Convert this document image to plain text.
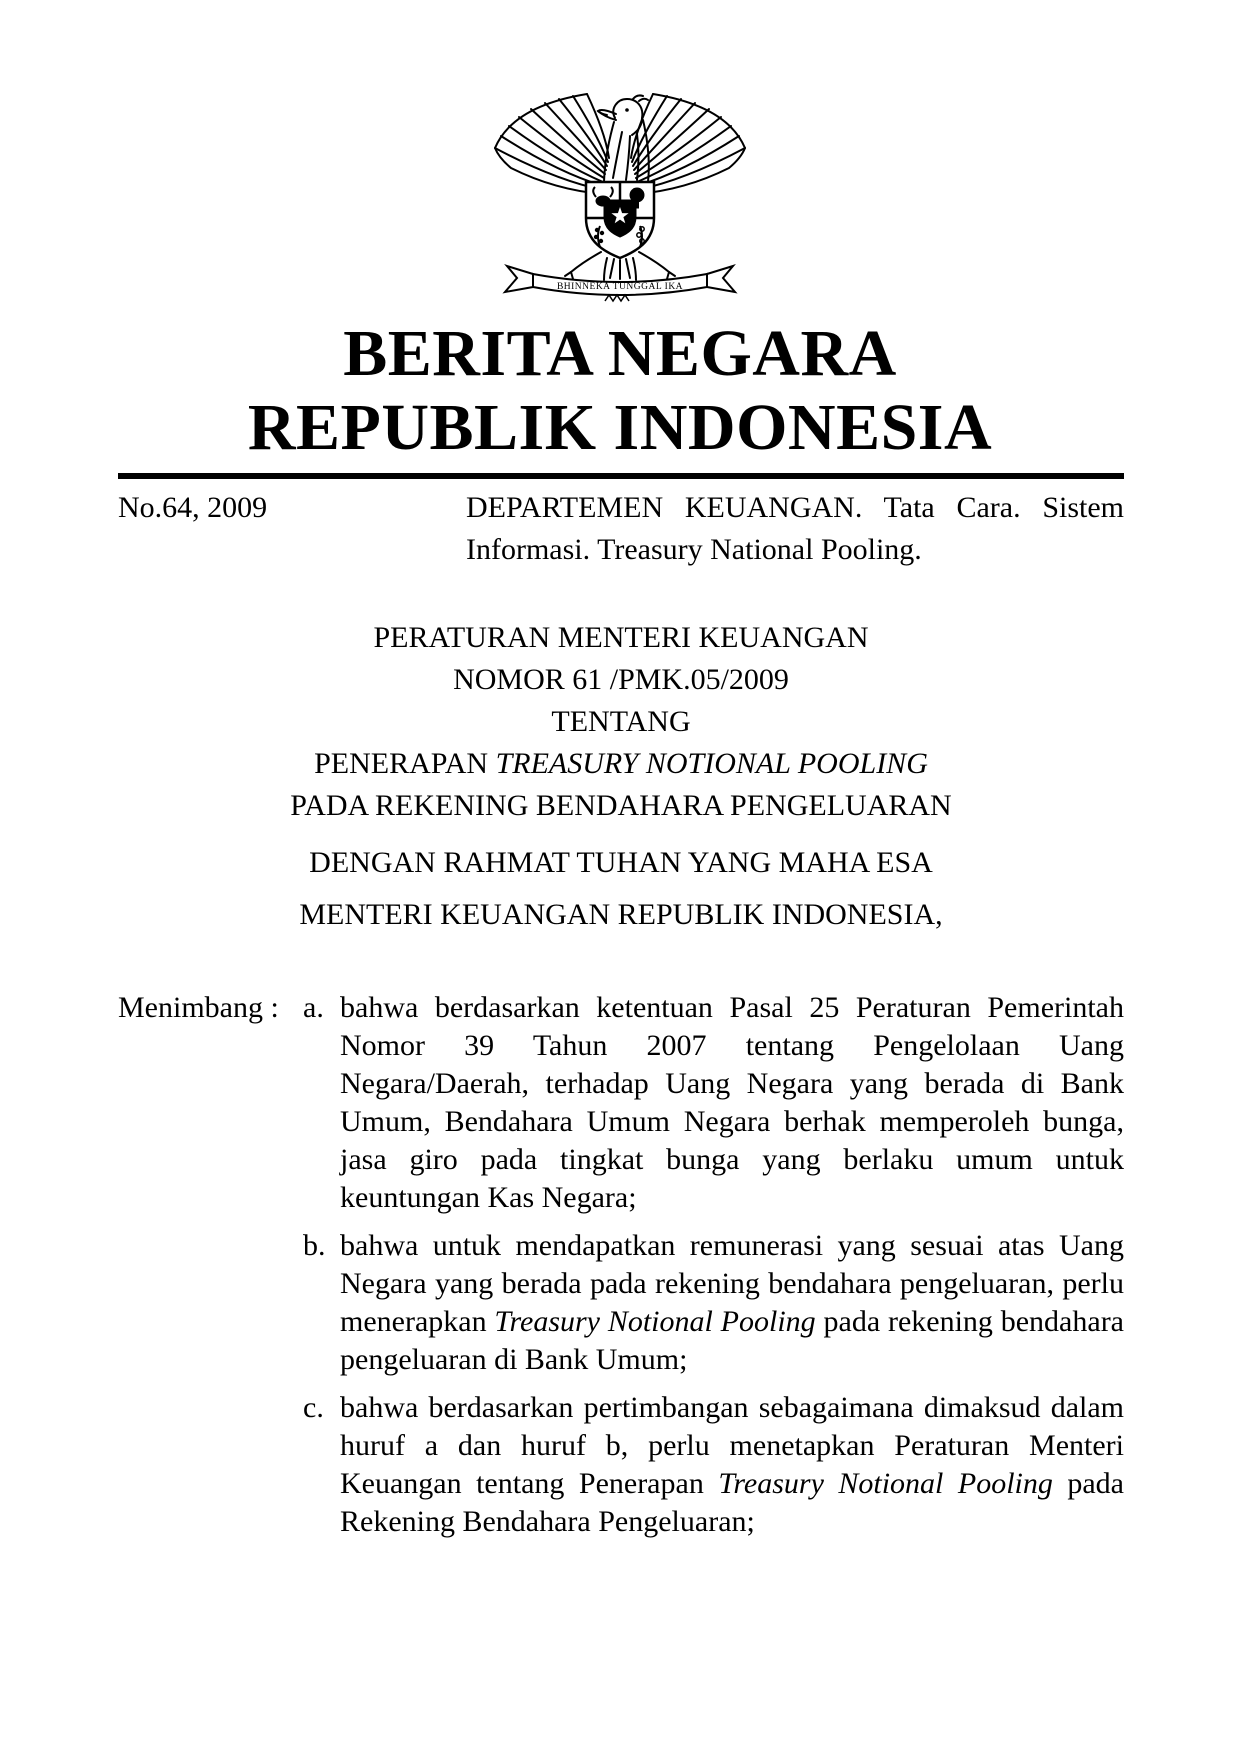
BHINNEKA TUNGGAL IKA
BERITA NEGARA
REPUBLIK INDONESIA
No.64, 2009	DEPARTEMEN KEUANGAN. Tata Cara. Sistem
Informasi. Treasury National Pooling.
PERATURAN MENTERI KEUANGAN
NOMOR 61 /PMK.05/2009
TENTANG
PENERAPAN TREASURY NOTIONAL POOLING
PADA REKENING BENDAHARA PENGELUARAN
DENGAN RAHMAT TUHAN YANG MAHA ESA
MENTERI KEUANGAN REPUBLIK INDONESIA,
Menimbang : a. bahwa berdasarkan ketentuan Pasal 25 Peraturan Pemerintah Nomor 39 Tahun 2007 tentang Pengelolaan Uang Negara/Daerah, terhadap Uang Negara yang berada di Bank Umum, Bendahara Umum Negara berhak memperoleh bunga, jasa giro pada tingkat bunga yang berlaku umum untuk keuntungan Kas Negara;
b. bahwa untuk mendapatkan remunerasi yang sesuai atas Uang Negara yang berada pada rekening bendahara pengeluaran, perlu menerapkan Treasury Notional Pooling pada rekening bendahara pengeluaran di Bank Umum;
c. bahwa berdasarkan pertimbangan sebagaimana dimaksud dalam huruf a dan huruf b, perlu menetapkan Peraturan Menteri Keuangan tentang Penerapan Treasury Notional Pooling pada Rekening Bendahara Pengeluaran;
